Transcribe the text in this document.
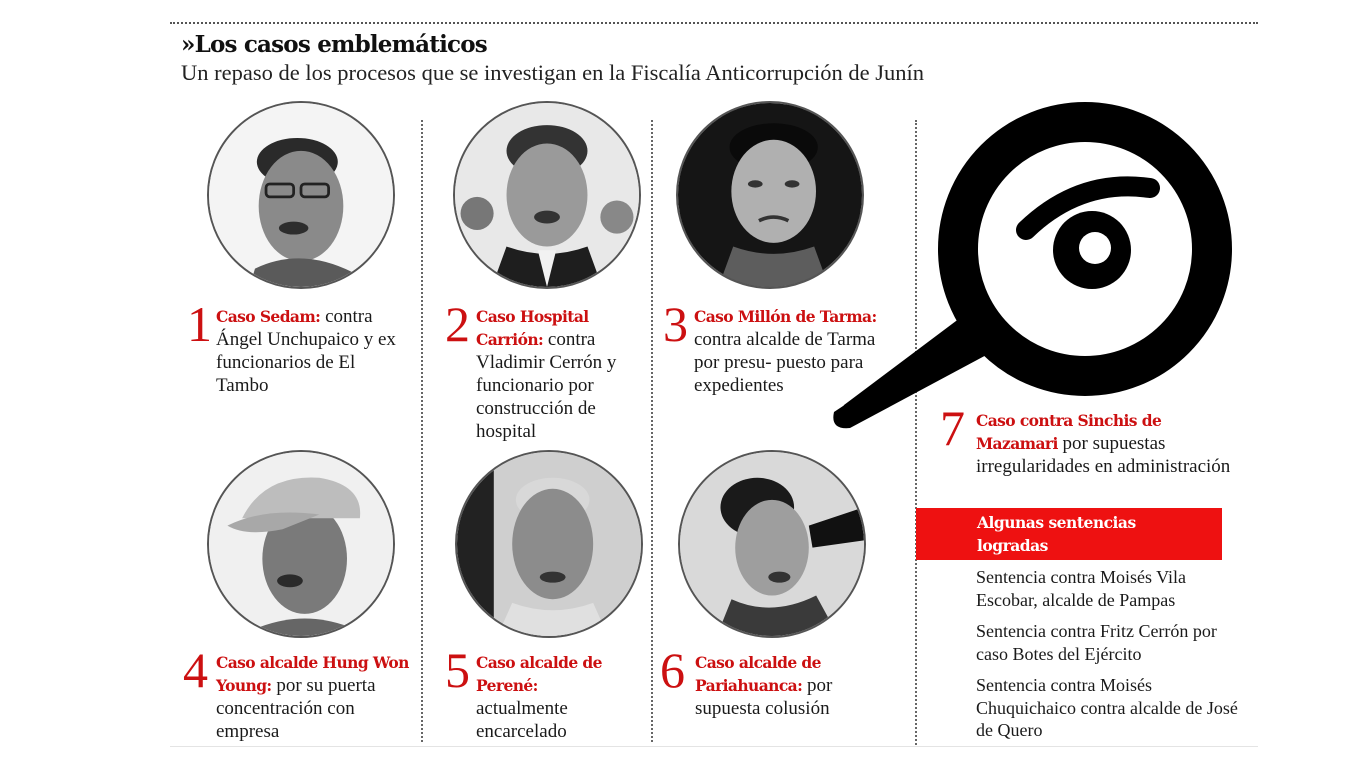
»Los casos emblemáticos
Un repaso de los procesos que se investigan en la Fiscalía Anticorrupción de Junín
1 Caso Sedam: contra Ángel Unchupaico y ex funcionarios de El Tambo
2 Caso Hospital Carrión: contra Vladimir Cerrón y funcionario por construcción de hospital
3 Caso Millón de Tarma: contra alcalde de Tarma por presu- puesto para expedientes
4 Caso alcalde Hung Won Young: por su puerta concentración con empresa
5 Caso alcalde de Perené: actualmente encarcelado
6 Caso alcalde de Pariahuanca: por supuesta colusión
7 Caso contra Sinchis de Mazamari por supuestas irregularidades en administración
Algunas sentencias logradas
Sentencia contra Moisés Vila Escobar, alcalde de Pampas
Sentencia contra Fritz Cerrón por caso Botes del Ejército
Sentencia contra Moisés Chuquichaico contra alcalde de José de Quero
